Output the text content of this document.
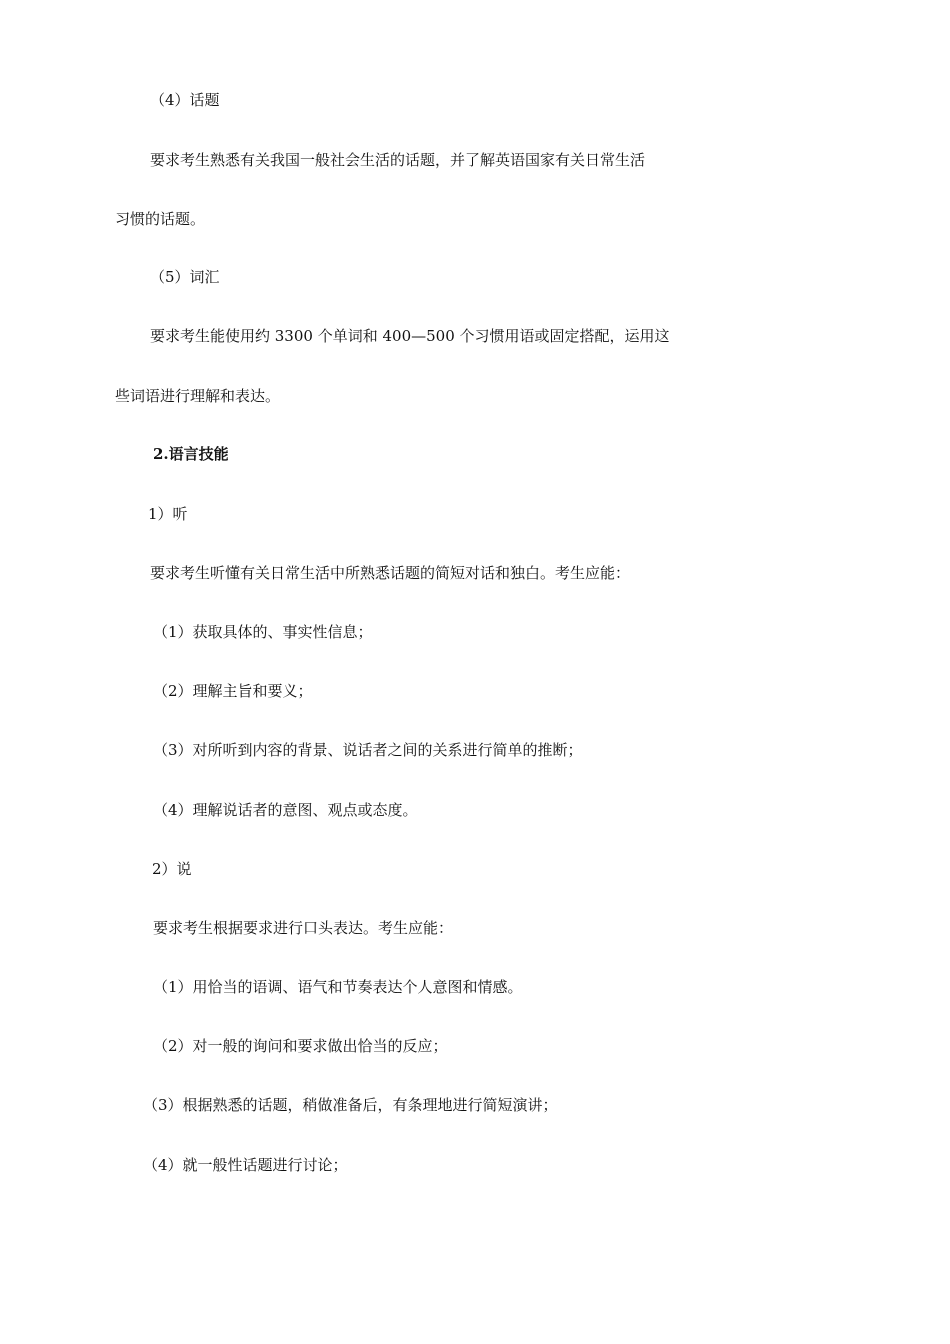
（4）话题
要求考生熟悉有关我国一般社会生活的话题，并了解英语国家有关日常生活
习惯的话题。
（5）词汇
要求考生能使用约 3300 个单词和 400—500 个习惯用语或固定搭配，运用这
些词语进行理解和表达。
2.语言技能
1）听
要求考生听懂有关日常生活中所熟悉话题的简短对话和独白。考生应能：
（1）获取具体的、事实性信息；
（2）理解主旨和要义；
（3）对所听到内容的背景、说话者之间的关系进行简单的推断；
（4）理解说话者的意图、观点或态度。
2）说
要求考生根据要求进行口头表达。考生应能：
（1）用恰当的语调、语气和节奏表达个人意图和情感。
（2）对一般的询问和要求做出恰当的反应；
（3）根据熟悉的话题，稍做准备后，有条理地进行简短演讲；
（4）就一般性话题进行讨论；
